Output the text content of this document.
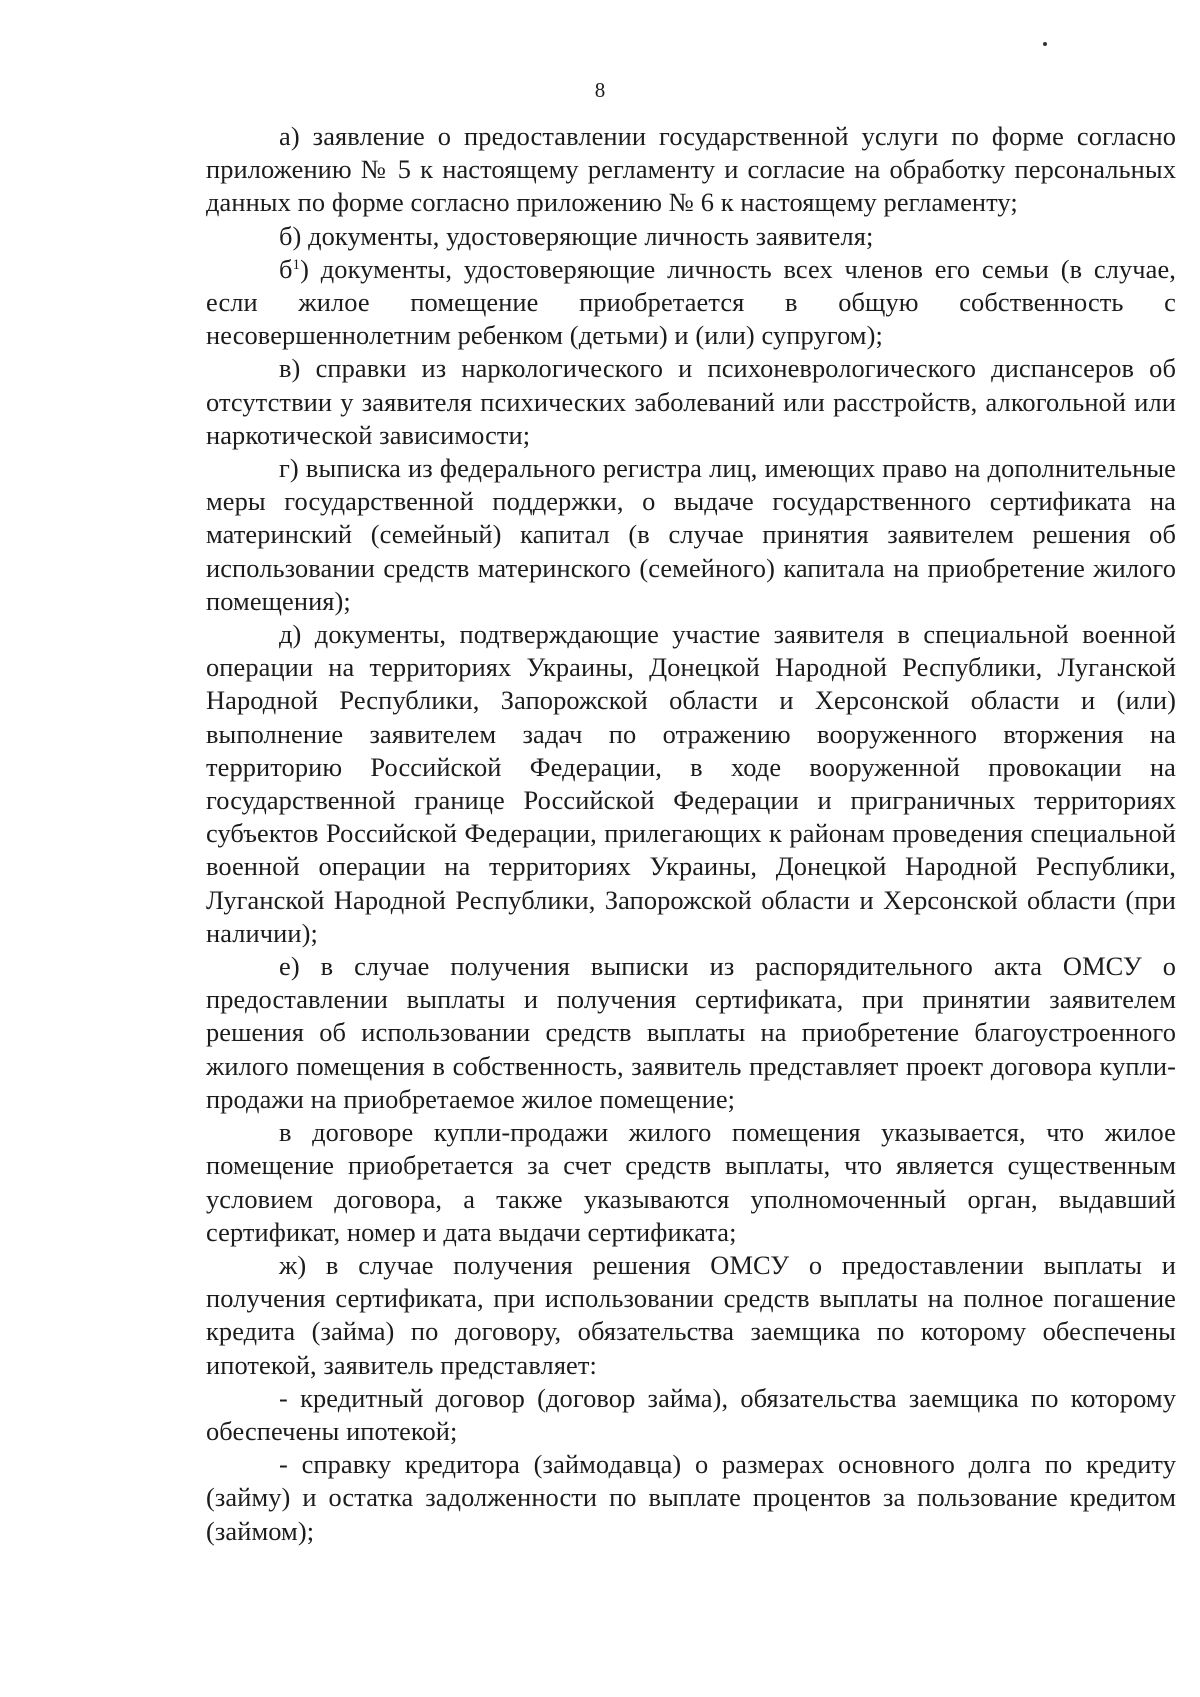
8

а) заявление о предоставлении государственной услуги по форме согласно приложению № 5 к настоящему регламенту и согласие на обработку персональных данных по форме согласно приложению № 6 к настоящему регламенту;

б) документы, удостоверяющие личность заявителя;

$б^1$) документы, удостоверяющие личность всех членов его семьи (в случае, если жилое помещение приобретается в общую собственность с несовершеннолетним ребенком (детьми) и (или) супругом);

в) справки из наркологического и психоневрологического диспансеров об отсутствии у заявителя психических заболеваний или расстройств, алкогольной или наркотической зависимости;

г) выписка из федерального регистра лиц, имеющих право на дополнительные меры государственной поддержки, о выдаче государственного сертификата на материнский (семейный) капитал (в случае принятия заявителем решения об использовании средств материнского (семейного) капитала на приобретение жилого помещения);

д) документы, подтверждающие участие заявителя в специальной военной операции на территориях Украины, Донецкой Народной Республики, Луганской Народной Республики, Запорожской области и Херсонской области и (или) выполнение заявителем задач по отражению вооруженного вторжения на территорию Российской Федерации, в ходе вооруженной провокации на государственной границе Российской Федерации и приграничных территориях субъектов Российской Федерации, прилегающих к районам проведения специальной военной операции на территориях Украины, Донецкой Народной Республики, Луганской Народной Республики, Запорожской области и Херсонской области (при наличии);

е) в случае получения выписки из распорядительного акта ОМСУ о предоставлении выплаты и получения сертификата, при принятии заявителем решения об использовании средств выплаты на приобретение благоустроенного жилого помещения в собственность, заявитель представляет проект договора купли-продажи на приобретаемое жилое помещение;

в договоре купли-продажи жилого помещения указывается, что жилое помещение приобретается за счет средств выплаты, что является существенным условием договора, а также указываются уполномоченный орган, выдавший сертификат, номер и дата выдачи сертификата;

ж) в случае получения решения ОМСУ о предоставлении выплаты и получения сертификата, при использовании средств выплаты на полное погашение кредита (займа) по договору, обязательства заемщика по которому обеспечены ипотекой, заявитель представляет:

- кредитный договор (договор займа), обязательства заемщика по которому обеспечены ипотекой;

- справку кредитора (займодавца) о размерах основного долга по кредиту (займу) и остатка задолженности по выплате процентов за пользование кредитом (займом);
